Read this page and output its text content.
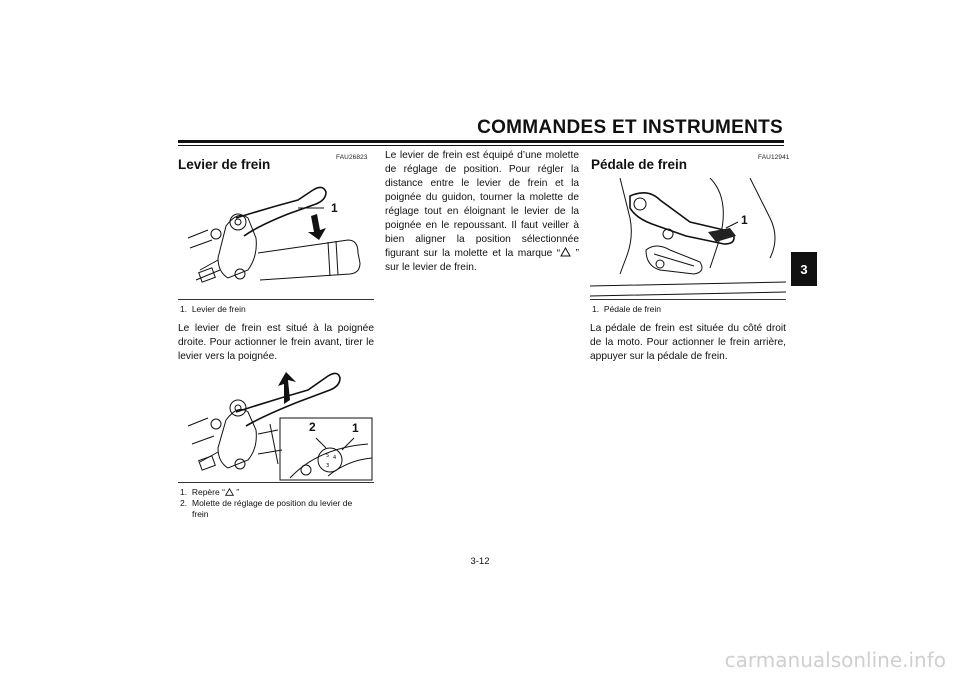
COMMANDES ET INSTRUMENTS
3
FAU26823
Levier de frein
1
1. Levier de frein
Le levier de frein est situé à la poignée droite. Pour actionner le frein avant, tirer le levier vers la poignée.
5 4
3
2	1
1. Repère “ ”
2. Molette de réglage de position du levier de frein
Le levier de frein est équipé d’une molette de réglage de position. Pour régler la distance entre le levier de frein et la poignée du guidon, tourner la molette de réglage tout en éloignant le levier de la poignée en le repoussant. Il faut veiller à bien aligner la position sélectionnée figurant sur la molette et la marque “ ” sur le levier de frein.
FAU12941
Pédale de frein
1
1. Pédale de frein
La pédale de frein est située du côté droit de la moto. Pour actionner le frein arrière, appuyer sur la pédale de frein.
3-12
carmanualsonline.info
